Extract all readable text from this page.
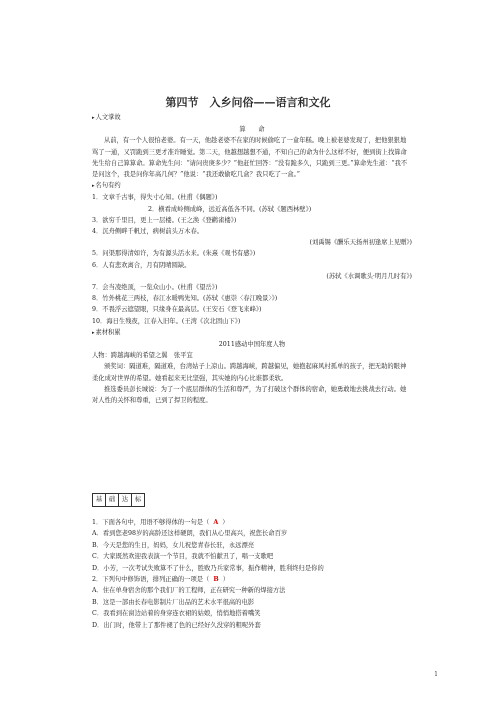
第四节　入乡问俗——语言和文化

▸人文掌故

算　　命

从前，有一个人很怕老婆。有一天，他趁老婆不在家的时候偷吃了一盒年糕。晚上被老婆发现了，把他狠狠地骂了一通，又罚跪到三更才准许睡觉。第二天，他越想越想不通，不知自己的命为什么这样不好，便到街上找算命先生给自己算算命。算命先生问：“请问贵庚多少？”他赶忙回答：“没有跪多久，只跪到三更。”算命先生道：“我不是问这个，我是问你年高几何？”他说：“我还敢偷吃几盒？我只吃了一盒。”

▸名句有约

1．文章千古事，得失寸心知。(杜甫《偶题》)

2．横看成岭侧成峰，远近高低各不同。(苏轼《题西林壁》)

3．欲穷千里目，更上一层楼。(王之涣《登鹳雀楼》)

4．沉舟侧畔千帆过，病树前头万木春。

(刘禹锡《酬乐天扬州初逢席上见赠》)

5．问渠那得清如许，为有源头活水来。(朱熹《观书有感》)

6．人有悲欢离合，月有阴晴圆缺。

(苏轼《水调歌头·明月几时有》)

7．会当凌绝顶，一览众山小。(杜甫《望岳》)

8．竹外桃花三两枝，春江水暖鸭先知。(苏轼《惠崇〈春江晚景〉》)

9．不畏浮云遮望眼，只缘身在最高层。(王安石《登飞来峰》)

10．海日生残夜，江春入旧年。(王湾《次北固山下》)

▸素材积累

2011感动中国年度人物

人物：跨越海峡的希望之翼　张平宜

颁奖词：隔道难，隔道难，台湾姑子上凉山。跨越海峡，跨越偏见，她抱起麻风村孤单的孩子，把无助的眼神柔化成对世界的希望。她看起来无比坚强，其实她的内心比谁都柔软。

推选委员彭长城说：为了一个底层群体的生活和尊严，为了打破这个群体的宿命，她勇敢地去挑战去行动。她对人性的关怀和尊重，已到了捍卫的程度。

基	础	达	标

1．下面各句中，用语不够得体的一句是（ A ）

A．看到您老98岁的高龄还这样硬朗，我们从心里高兴，祝您长命百岁

B．今天是您的生日，妈妈，女儿祝您青春长驻，永远漂亮

C．大家既然欢迎我表演一个节目，我就不怕献丑了，唱一支歌吧

D．小芳，一次考试失败算不了什么，胜败乃兵家常事，振作精神，胜利终归是你的

2．下列句中修饰语，排列正确的一项是（ B ）

A．住在单身宿舍的那个我们厂的工程师，正在研究一种新的焊接方法

B．这是一部由长春电影制片厂出品的艺术水平很高的电影

C．我看到在窗边站着的身穿连衣裙的姑娘，悄悄地搭着嘴笑

D．出门时，他带上了那件褪了色的已经好久没穿的粗呢外套

1
